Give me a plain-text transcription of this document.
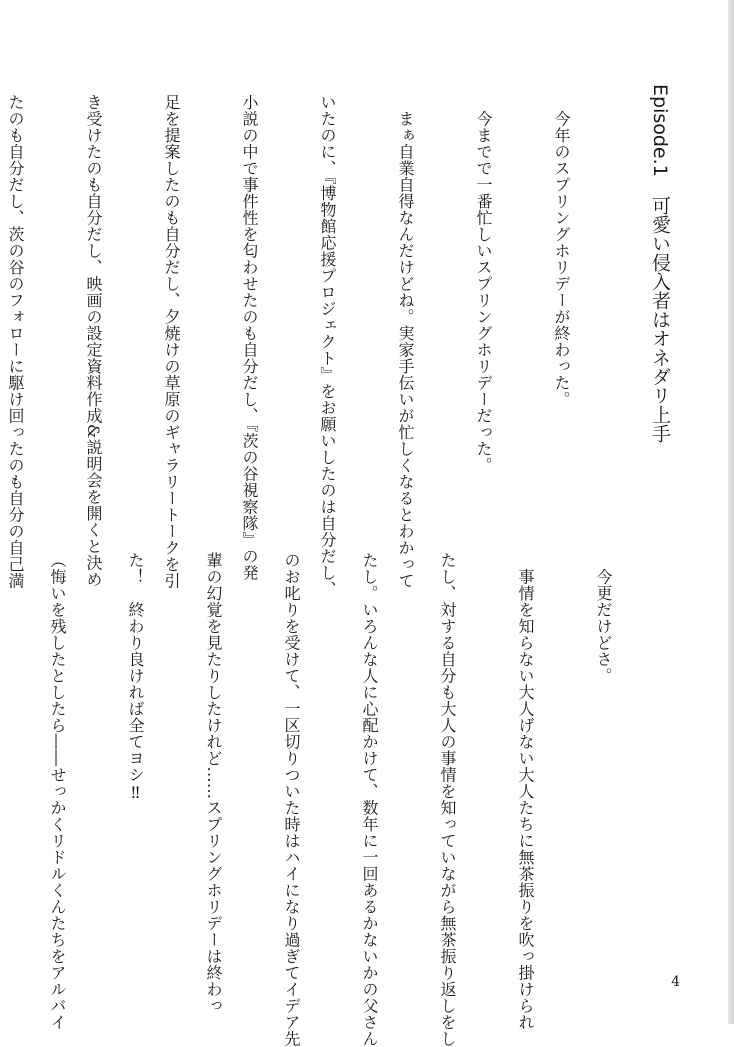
Episode.1　可愛い侵入者はオネダリ上手

　今年のスプリングホリデーが終わった。

　今までで一番忙しいスプリングホリデーだった。

　まぁ自業自得なんだけどね。実家手伝いが忙しくなるとわかって

いたのに、『博物館応援プロジェクト』をお願いしたのは自分だし、

小説の中で事件性を匂わせたのも自分だし、『茨の谷視察隊』の発

足を提案したのも自分だし、夕焼けの草原のギャラリートークを引

き受けたのも自分だし、映画の設定資料作成&説明会を開くと決め

たのも自分だし、茨の谷のフォローに駆け回ったのも自分の自己満

　今更だけどさ。

　事情を知らない大人げない大人たちに無茶振りを吹っ掛けられ

たし、対する自分も大人の事情を知っていながら無茶振り返しをし

たし。いろんな人に心配かけて、数年に一回あるかないかの父さん

のお叱りを受けて、一区切りついた時はハイになり過ぎてイデア先

輩の幻覚を見たりしたけれど……スプリングホリデーは終わっ

た！　終わり良ければ全てヨシ‼

（悔いを残したとしたら――せっかくリドルくんたちをアルバイ

	4
